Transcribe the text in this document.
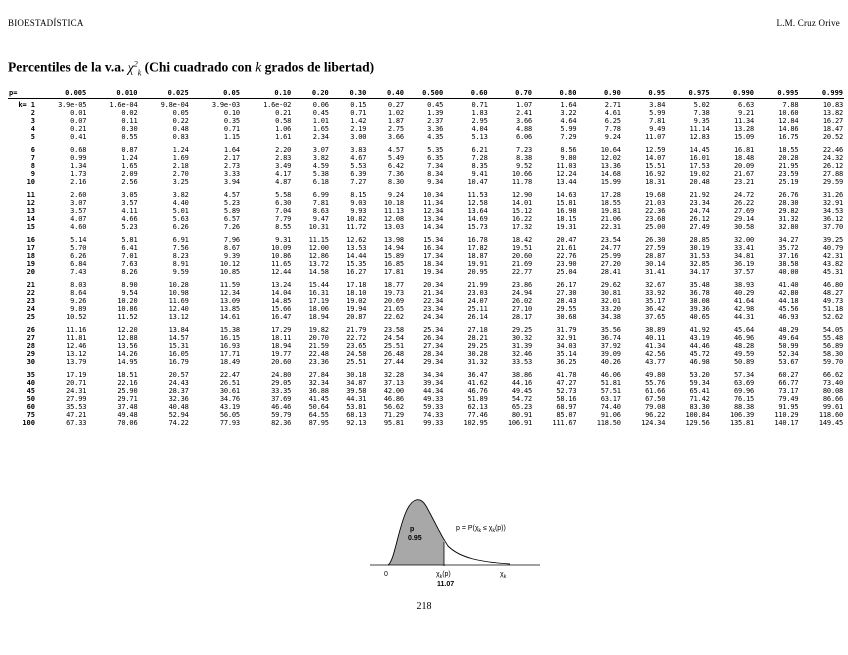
BIOESTADÍSTICA	L.M. Cruz Orive
Percentiles de la v.a. $\chi^2_k$ (Chi cuadrado con k grados de libertad)
p=	0.005	0.010	0.025	0.05	0.10	0.20	0.30	0.40	0.500	0.60	0.70	0.80	0.90	0.95	0.975	0.990	0.995	0.999
k= 1	3.9e-05	1.6e-04	9.8e-04	3.9e-03	1.6e-02	0.06	0.15	0.27	0.45	0.71	1.07	1.64	2.71	3.84	5.02	6.63	7.88	10.83
2	0.01	0.02	0.05	0.10	0.21	0.45	0.71	1.02	1.39	1.83	2.41	3.22	4.61	5.99	7.38	9.21	10.60	13.82
3	0.07	0.11	0.22	0.35	0.58	1.01	1.42	1.87	2.37	2.95	3.66	4.64	6.25	7.81	9.35	11.34	12.84	16.27
4	0.21	0.30	0.48	0.71	1.06	1.65	2.19	2.75	3.36	4.04	4.88	5.99	7.78	9.49	11.14	13.28	14.86	18.47
5	0.41	0.55	0.83	1.15	1.61	2.34	3.00	3.66	4.35	5.13	6.06	7.29	9.24	11.07	12.83	15.09	16.75	20.52

6	0.68	0.87	1.24	1.64	2.20	3.07	3.83	4.57	5.35	6.21	7.23	8.56	10.64	12.59	14.45	16.81	18.55	22.46
7	0.99	1.24	1.69	2.17	2.83	3.82	4.67	5.49	6.35	7.28	8.38	9.80	12.02	14.07	16.01	18.48	20.28	24.32
8	1.34	1.65	2.18	2.73	3.49	4.59	5.53	6.42	7.34	8.35	9.52	11.03	13.36	15.51	17.53	20.09	21.95	26.12
9	1.73	2.09	2.70	3.33	4.17	5.38	6.39	7.36	8.34	9.41	10.66	12.24	14.68	16.92	19.02	21.67	23.59	27.88
10	2.16	2.56	3.25	3.94	4.87	6.18	7.27	8.30	9.34	10.47	11.78	13.44	15.99	18.31	20.48	23.21	25.19	29.59

11	2.60	3.05	3.82	4.57	5.58	6.99	8.15	9.24	10.34	11.53	12.90	14.63	17.28	19.68	21.92	24.72	26.76	31.26
12	3.07	3.57	4.40	5.23	6.30	7.81	9.03	10.18	11.34	12.58	14.01	15.81	18.55	21.03	23.34	26.22	28.30	32.91
13	3.57	4.11	5.01	5.89	7.04	8.63	9.93	11.13	12.34	13.64	15.12	16.98	19.81	22.36	24.74	27.69	29.82	34.53
14	4.07	4.66	5.63	6.57	7.79	9.47	10.82	12.08	13.34	14.69	16.22	18.15	21.06	23.68	26.12	29.14	31.32	36.12
15	4.60	5.23	6.26	7.26	8.55	10.31	11.72	13.03	14.34	15.73	17.32	19.31	22.31	25.00	27.49	30.58	32.80	37.70

16	5.14	5.81	6.91	7.96	9.31	11.15	12.62	13.98	15.34	16.78	18.42	20.47	23.54	26.30	28.85	32.00	34.27	39.25
17	5.70	6.41	7.56	8.67	10.09	12.00	13.53	14.94	16.34	17.82	19.51	21.61	24.77	27.59	30.19	33.41	35.72	40.79
18	6.26	7.01	8.23	9.39	10.86	12.86	14.44	15.89	17.34	18.87	20.60	22.76	25.99	28.87	31.53	34.81	37.16	42.31
19	6.84	7.63	8.91	10.12	11.65	13.72	15.35	16.85	18.34	19.91	21.69	23.90	27.20	30.14	32.85	36.19	38.58	43.82
20	7.43	8.26	9.59	10.85	12.44	14.58	16.27	17.81	19.34	20.95	22.77	25.04	28.41	31.41	34.17	37.57	40.00	45.31

21	8.03	8.90	10.28	11.59	13.24	15.44	17.18	18.77	20.34	21.99	23.86	26.17	29.62	32.67	35.48	38.93	41.40	46.80
22	8.64	9.54	10.98	12.34	14.04	16.31	18.10	19.73	21.34	23.03	24.94	27.30	30.81	33.92	36.78	40.29	42.80	48.27
23	9.26	10.20	11.69	13.09	14.85	17.19	19.02	20.69	22.34	24.07	26.02	28.43	32.01	35.17	38.08	41.64	44.18	49.73
24	9.89	10.86	12.40	13.85	15.66	18.06	19.94	21.65	23.34	25.11	27.10	29.55	33.20	36.42	39.36	42.98	45.56	51.18
25	10.52	11.52	13.12	14.61	16.47	18.94	20.87	22.62	24.34	26.14	28.17	30.68	34.38	37.65	40.65	44.31	46.93	52.62

26	11.16	12.20	13.84	15.38	17.29	19.82	21.79	23.58	25.34	27.18	29.25	31.79	35.56	38.89	41.92	45.64	48.29	54.05
27	11.81	12.88	14.57	16.15	18.11	20.70	22.72	24.54	26.34	28.21	30.32	32.91	36.74	40.11	43.19	46.96	49.64	55.48
28	12.46	13.56	15.31	16.93	18.94	21.59	23.65	25.51	27.34	29.25	31.39	34.03	37.92	41.34	44.46	48.28	50.99	56.89
29	13.12	14.26	16.05	17.71	19.77	22.48	24.58	26.48	28.34	30.28	32.46	35.14	39.09	42.56	45.72	49.59	52.34	58.30
30	13.79	14.95	16.79	18.49	20.60	23.36	25.51	27.44	29.34	31.32	33.53	36.25	40.26	43.77	46.98	50.89	53.67	59.70

35	17.19	18.51	20.57	22.47	24.80	27.84	30.18	32.28	34.34	36.47	38.86	41.78	46.06	49.80	53.20	57.34	60.27	66.62
40	20.71	22.16	24.43	26.51	29.05	32.34	34.87	37.13	39.34	41.62	44.16	47.27	51.81	55.76	59.34	63.69	66.77	73.40
45	24.31	25.90	28.37	30.61	33.35	36.88	39.58	42.00	44.34	46.76	49.45	52.73	57.51	61.66	65.41	69.96	73.17	80.08
50	27.99	29.71	32.36	34.76	37.69	41.45	44.31	46.86	49.33	51.89	54.72	58.16	63.17	67.50	71.42	76.15	79.49	86.66
60	35.53	37.48	40.48	43.19	46.46	50.64	53.81	56.62	59.33	62.13	65.23	68.97	74.40	79.08	83.30	88.38	91.95	99.61
75	47.21	49.48	52.94	56.05	59.79	64.55	68.13	71.29	74.33	77.46	80.91	85.07	91.06	96.22	100.84	106.39	110.29	118.60
100	67.33	70.06	74.22	77.93	82.36	87.95	92.13	95.81	99.33	102.95	106.91	111.67	118.50	124.34	129.56	135.81	140.17	149.45
p
0.95
$p = P(\chi_k \le \chi_k(p))$
0	$\chi_k(p)$
11.07
$\chi_k$
218
